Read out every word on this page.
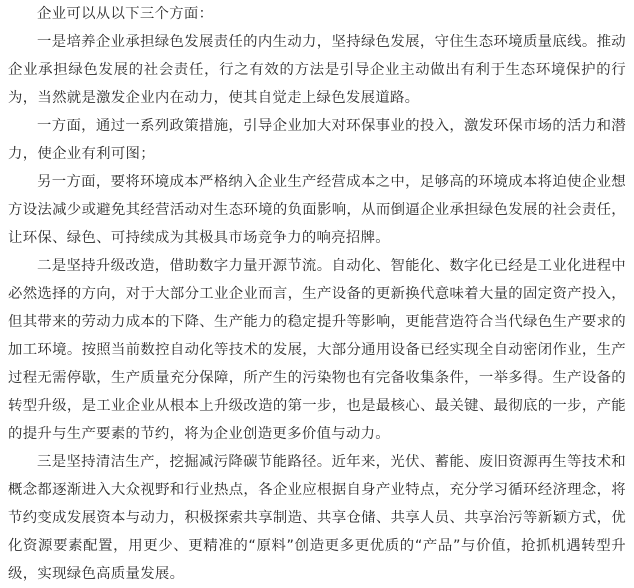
企业可以从以下三个方面：

一是培养企业承担绿色发展责任的内生动力，坚持绿色发展，守住生态环境质量底线。推动企业承担绿色发展的社会责任，行之有效的方法是引导企业主动做出有利于生态环境保护的行为，当然就是激发企业内在动力，使其自觉走上绿色发展道路。

一方面，通过一系列政策措施，引导企业加大对环保事业的投入，激发环保市场的活力和潜力，使企业有利可图；

另一方面，要将环境成本严格纳入企业生产经营成本之中，足够高的环境成本将迫使企业想方设法减少或避免其经营活动对生态环境的负面影响，从而倒逼企业承担绿色发展的社会责任，让环保、绿色、可持续成为其极具市场竞争力的响亮招牌。

二是坚持升级改造，借助数字力量开源节流。自动化、智能化、数字化已经是工业化进程中必然选择的方向，对于大部分工业企业而言，生产设备的更新换代意味着大量的固定资产投入，但其带来的劳动力成本的下降、生产能力的稳定提升等影响，更能营造符合当代绿色生产要求的加工环境。按照当前数控自动化等技术的发展，大部分通用设备已经实现全自动密闭作业，生产过程无需停歇，生产质量充分保障，所产生的污染物也有完备收集条件，一举多得。生产设备的转型升级，是工业企业从根本上升级改造的第一步，也是最核心、最关键、最彻底的一步，产能的提升与生产要素的节约，将为企业创造更多价值与动力。

三是坚持清洁生产，挖掘减污降碳节能路径。近年来，光伏、蓄能、废旧资源再生等技术和概念都逐渐进入大众视野和行业热点，各企业应根据自身产业特点，充分学习循环经济理念，将节约变成发展资本与动力，积极探索共享制造、共享仓储、共享人员、共享治污等新颖方式，优化资源要素配置，用更少、更精准的“原料”创造更多更优质的“产品”与价值，抢抓机遇转型升级，实现绿色高质量发展。
